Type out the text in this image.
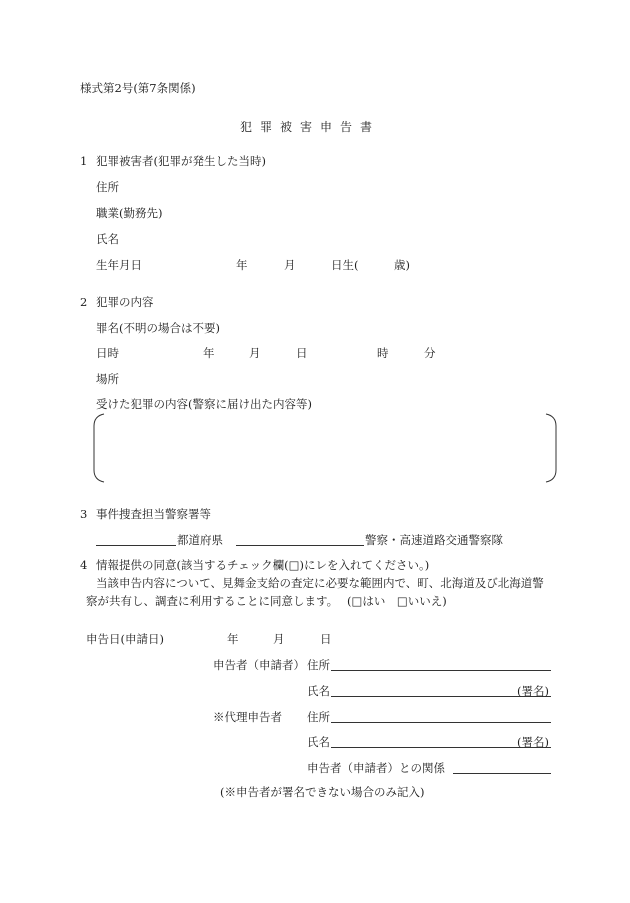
様式第2号(第7条関係)
犯罪被害申告書
1 犯罪被害者(犯罪が発生した当時)
住所
職業(勤務先)
氏名
生年月日	年	月	日生(	歳)
2 犯罪の内容
罪名(不明の場合は不要)
日時	年	月	日	時	分
場所
受けた犯罪の内容(警察に届け出た内容等)
3 事件捜査担当警察署等
都道府県	警察・高速道路交通警察隊
4 情報提供の同意(該当するチェック欄(□)にレを入れてください。)
当該申告内容について、見舞金支給の査定に必要な範囲内で、町、北海道及び北海道警
察が共有し、調査に利用することに同意します。 (□はい　□いいえ)
申告日(申請日)	年	月	日
申告者（申請者） 住所
氏名	(署名)
※代理申告者 住所
氏名	(署名)
申告者（申請者）との関係
(※申告者が署名できない場合のみ記入)
